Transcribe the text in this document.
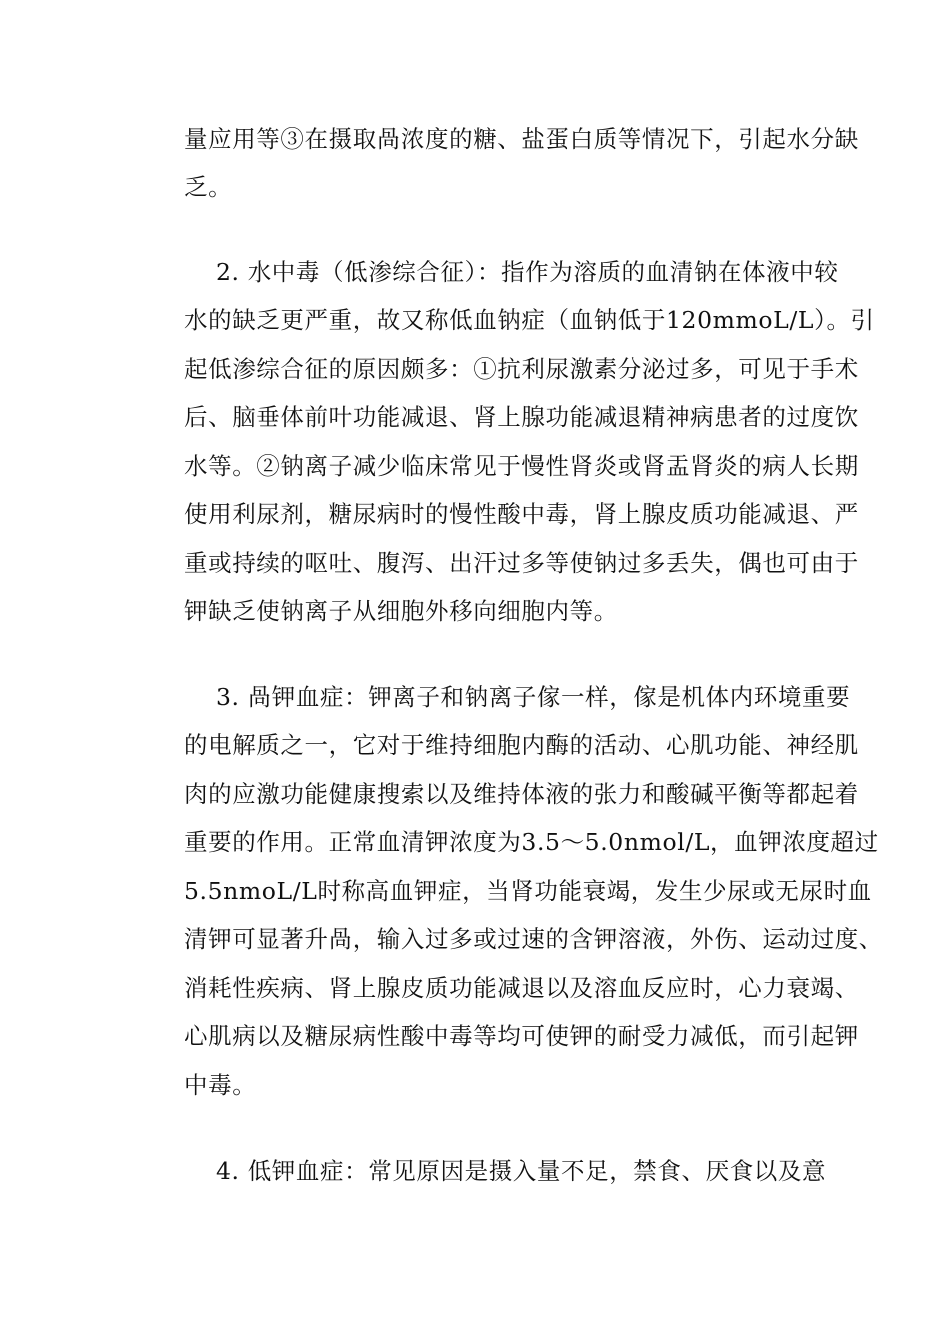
量应用等③在摄取咼浓度的糖、盐蛋白质等情况下，引起水分缺
乏。
2. 水中毒（低渗综合征）：指作为溶质的血清钠在体液中较
水的缺乏更严重，故又称低血钠症（血钠低于120mmoL/L）。引
起低渗综合征的原因颇多：①抗利尿激素分泌过多，可见于手术
后、脑垂体前叶功能减退、肾上腺功能减退精神病患者的过度饮
水等。②钠离子减少临床常见于慢性肾炎或肾盂肾炎的病人长期
使用利尿剂，糖尿病时的慢性酸中毒，肾上腺皮质功能减退、严
重或持续的呕吐、腹泻、出汗过多等使钠过多丢失，偶也可由于
钾缺乏使钠离子从细胞外移向细胞内等。
3. 咼钾血症：钾离子和钠离子傢一样，傢是机体内环境重要
的电解质之一，它对于维持细胞内酶的活动、心肌功能、神经肌
肉的应激功能健康搜索以及维持体液的张力和酸碱平衡等都起着
重要的作用。正常血清钾浓度为3.5〜5.0nmol/L，血钾浓度超过
5.5nmoL/L时称高血钾症，当肾功能衰竭，发生少尿或无尿时血
清钾可显著升咼，输入过多或过速的含钾溶液，外伤、运动过度、
消耗性疾病、肾上腺皮质功能减退以及溶血反应时，心力衰竭、
心肌病以及糖尿病性酸中毒等均可使钾的耐受力减低，而引起钾
中毒。
4. 低钾血症：常见原因是摄入量不足，禁食、厌食以及意
